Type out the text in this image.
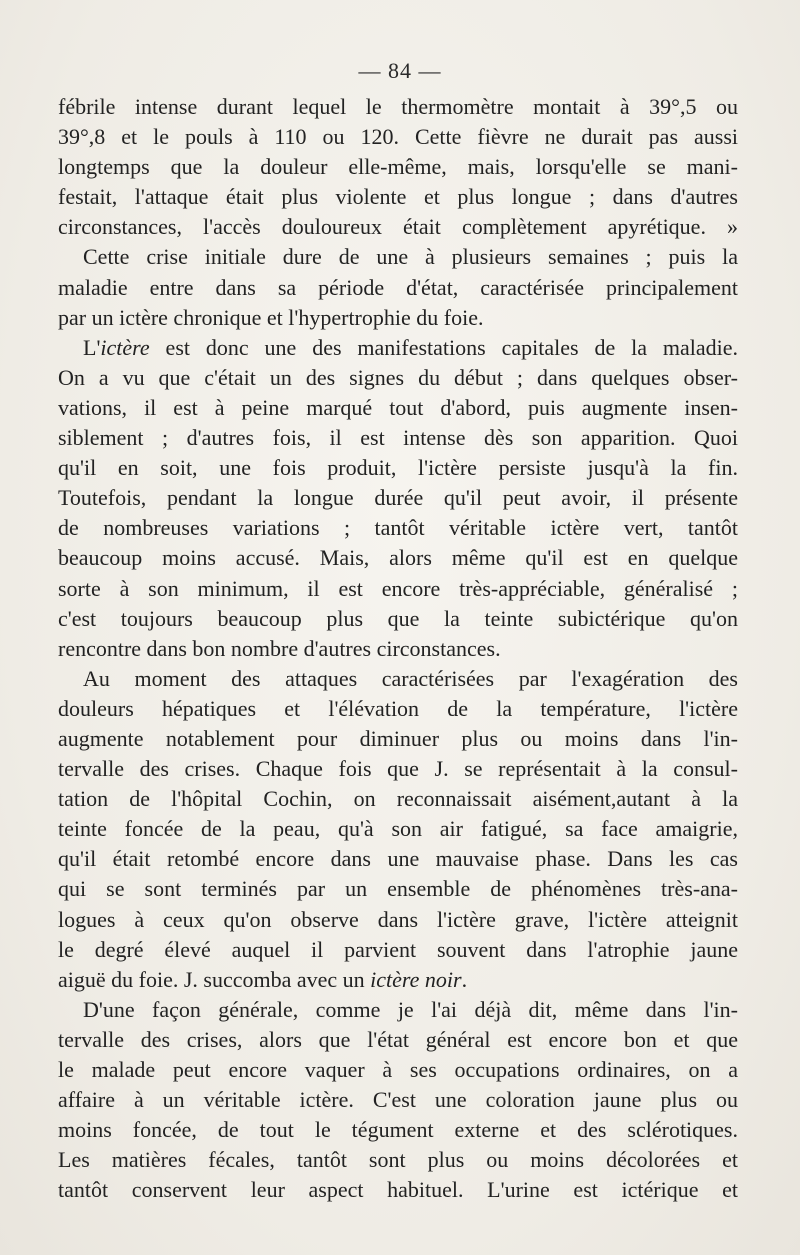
— 84 —
fébrile intense durant lequel le thermomètre montait à 39°,5 ou
39°,8 et le pouls à 110 ou 120. Cette fièvre ne durait pas aussi
longtemps que la douleur elle-même, mais, lorsqu'elle se mani-
festait, l'attaque était plus violente et plus longue ; dans d'autres
circonstances, l'accès douloureux était complètement apyrétique. »
Cette crise initiale dure de une à plusieurs semaines ; puis la
maladie entre dans sa période d'état, caractérisée principalement
par un ictère chronique et l'hypertrophie du foie.
L'ictère est donc une des manifestations capitales de la maladie.
On a vu que c'était un des signes du début ; dans quelques obser-
vations, il est à peine marqué tout d'abord, puis augmente insen-
siblement ; d'autres fois, il est intense dès son apparition. Quoi
qu'il en soit, une fois produit, l'ictère persiste jusqu'à la fin.
Toutefois, pendant la longue durée qu'il peut avoir, il présente
de nombreuses variations ; tantôt véritable ictère vert, tantôt
beaucoup moins accusé. Mais, alors même qu'il est en quelque
sorte à son minimum, il est encore très-appréciable, généralisé ;
c'est toujours beaucoup plus que la teinte subictérique qu'on
rencontre dans bon nombre d'autres circonstances.
Au moment des attaques caractérisées par l'exagération des
douleurs hépatiques et l'élévation de la température, l'ictère
augmente notablement pour diminuer plus ou moins dans l'in-
tervalle des crises. Chaque fois que J. se représentait à la consul-
tation de l'hôpital Cochin, on reconnaissait aisément,autant à la
teinte foncée de la peau, qu'à son air fatigué, sa face amaigrie,
qu'il était retombé encore dans une mauvaise phase. Dans les cas
qui se sont terminés par un ensemble de phénomènes très-ana-
logues à ceux qu'on observe dans l'ictère grave, l'ictère atteignit
le degré élevé auquel il parvient souvent dans l'atrophie jaune
aiguë du foie. J. succomba avec un ictère noir.
D'une façon générale, comme je l'ai déjà dit, même dans l'in-
tervalle des crises, alors que l'état général est encore bon et que
le malade peut encore vaquer à ses occupations ordinaires, on a
affaire à un véritable ictère. C'est une coloration jaune plus ou
moins foncée, de tout le tégument externe et des sclérotiques.
Les matières fécales, tantôt sont plus ou moins décolorées et
tantôt conservent leur aspect habituel. L'urine est ictérique et
